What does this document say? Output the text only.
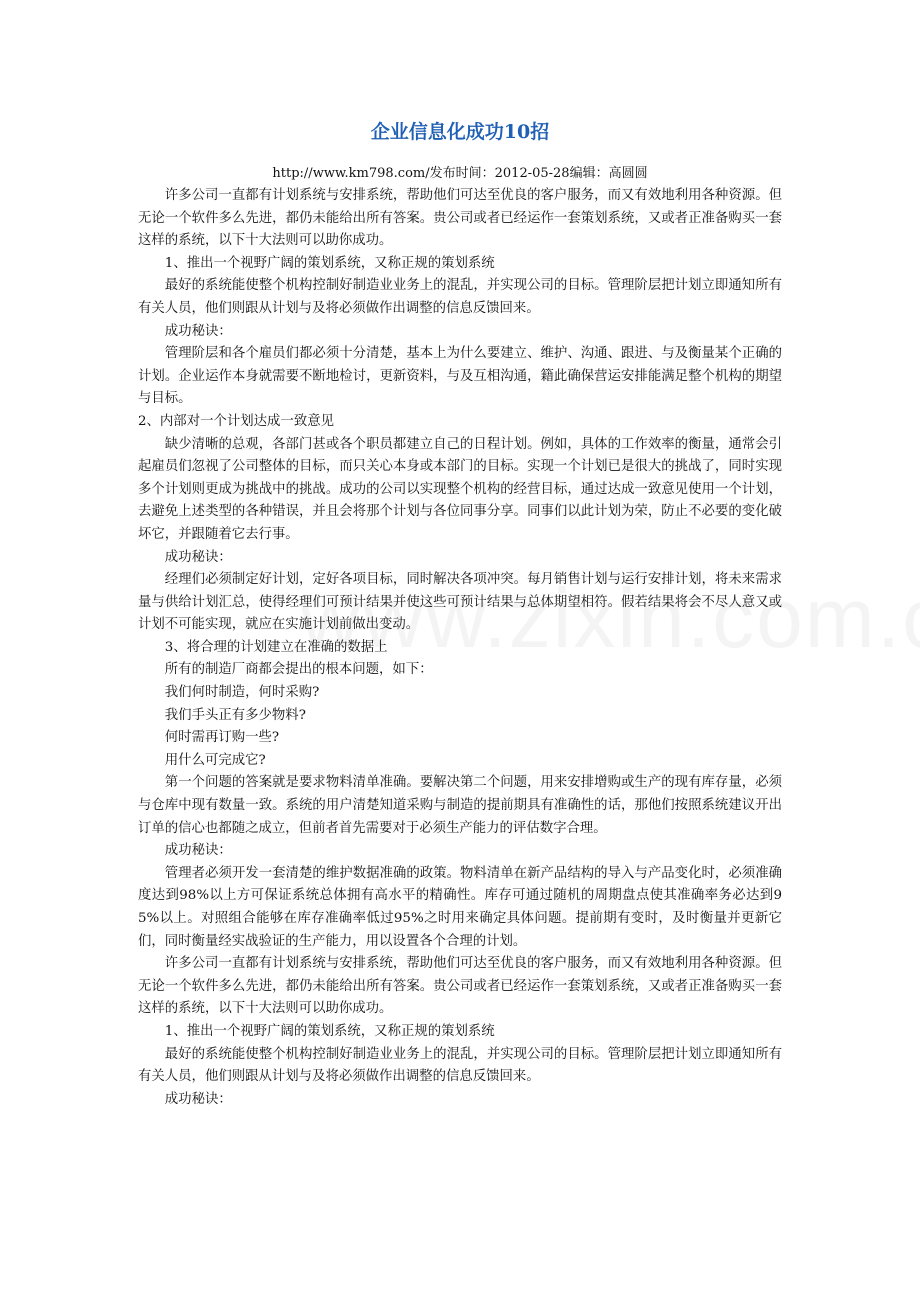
企业信息化成功10招

http://www.km798.com/发布时间：2012-05-28编辑：高圆圆

许多公司一直都有计划系统与安排系统，帮助他们可达至优良的客户服务，而又有效地利用各种资源。但无论一个软件多么先进，都仍未能给出所有答案。贵公司或者已经运作一套策划系统，又或者正准备购买一套这样的系统，以下十大法则可以助你成功。

1、推出一个视野广阔的策划系统，又称正规的策划系统

最好的系统能使整个机构控制好制造业业务上的混乱，并实现公司的目标。管理阶层把计划立即通知所有有关人员，他们则跟从计划与及将必须做作出调整的信息反馈回来。

成功秘诀：

管理阶层和各个雇员们都必须十分清楚，基本上为什么要建立、维护、沟通、跟进、与及衡量某个正确的计划。企业运作本身就需要不断地检讨，更新资料，与及互相沟通，籍此确保营运安排能满足整个机构的期望与目标。

2、内部对一个计划达成一致意见

缺少清晰的总观，各部门甚或各个职员都建立自己的日程计划。例如，具体的工作效率的衡量，通常会引起雇员们忽视了公司整体的目标，而只关心本身或本部门的目标。实现一个计划已是很大的挑战了，同时实现多个计划则更成为挑战中的挑战。成功的公司以实现整个机构的经营目标，通过达成一致意见使用一个计划，去避免上述类型的各种错误，并且会将那个计划与各位同事分享。同事们以此计划为荣，防止不必要的变化破坏它，并跟随着它去行事。

成功秘诀：

经理们必须制定好计划，定好各项目标，同时解决各项冲突。每月销售计划与运行安排计划，将未来需求量与供给计划汇总，使得经理们可预计结果并使这些可预计结果与总体期望相符。假若结果将会不尽人意又或计划不可能实现，就应在实施计划前做出变动。

3、将合理的计划建立在准确的数据上

所有的制造厂商都会提出的根本问题，如下：

我们何时制造，何时采购?

我们手头正有多少物料?

何时需再订购一些?

用什么可完成它?

第一个问题的答案就是要求物料清单准确。要解决第二个问题，用来安排增购或生产的现有库存量，必须与仓库中现有数量一致。系统的用户清楚知道采购与制造的提前期具有准确性的话，那他们按照系统建议开出订单的信心也都随之成立，但前者首先需要对于必须生产能力的评估数字合理。

成功秘诀：

管理者必须开发一套清楚的维护数据准确的政策。物料清单在新产品结构的导入与产品变化时，必须准确度达到98%以上方可保证系统总体拥有高水平的精确性。库存可通过随机的周期盘点使其准确率务必达到95%以上。对照组合能够在库存准确率低过95%之时用来确定具体问题。提前期有变时，及时衡量并更新它们，同时衡量经实战验证的生产能力，用以设置各个合理的计划。

许多公司一直都有计划系统与安排系统，帮助他们可达至优良的客户服务，而又有效地利用各种资源。但无论一个软件多么先进，都仍未能给出所有答案。贵公司或者已经运作一套策划系统，又或者正准备购买一套这样的系统，以下十大法则可以助你成功。

1、推出一个视野广阔的策划系统，又称正规的策划系统

最好的系统能使整个机构控制好制造业业务上的混乱，并实现公司的目标。管理阶层把计划立即通知所有有关人员，他们则跟从计划与及将必须做作出调整的信息反馈回来。

成功秘诀：
